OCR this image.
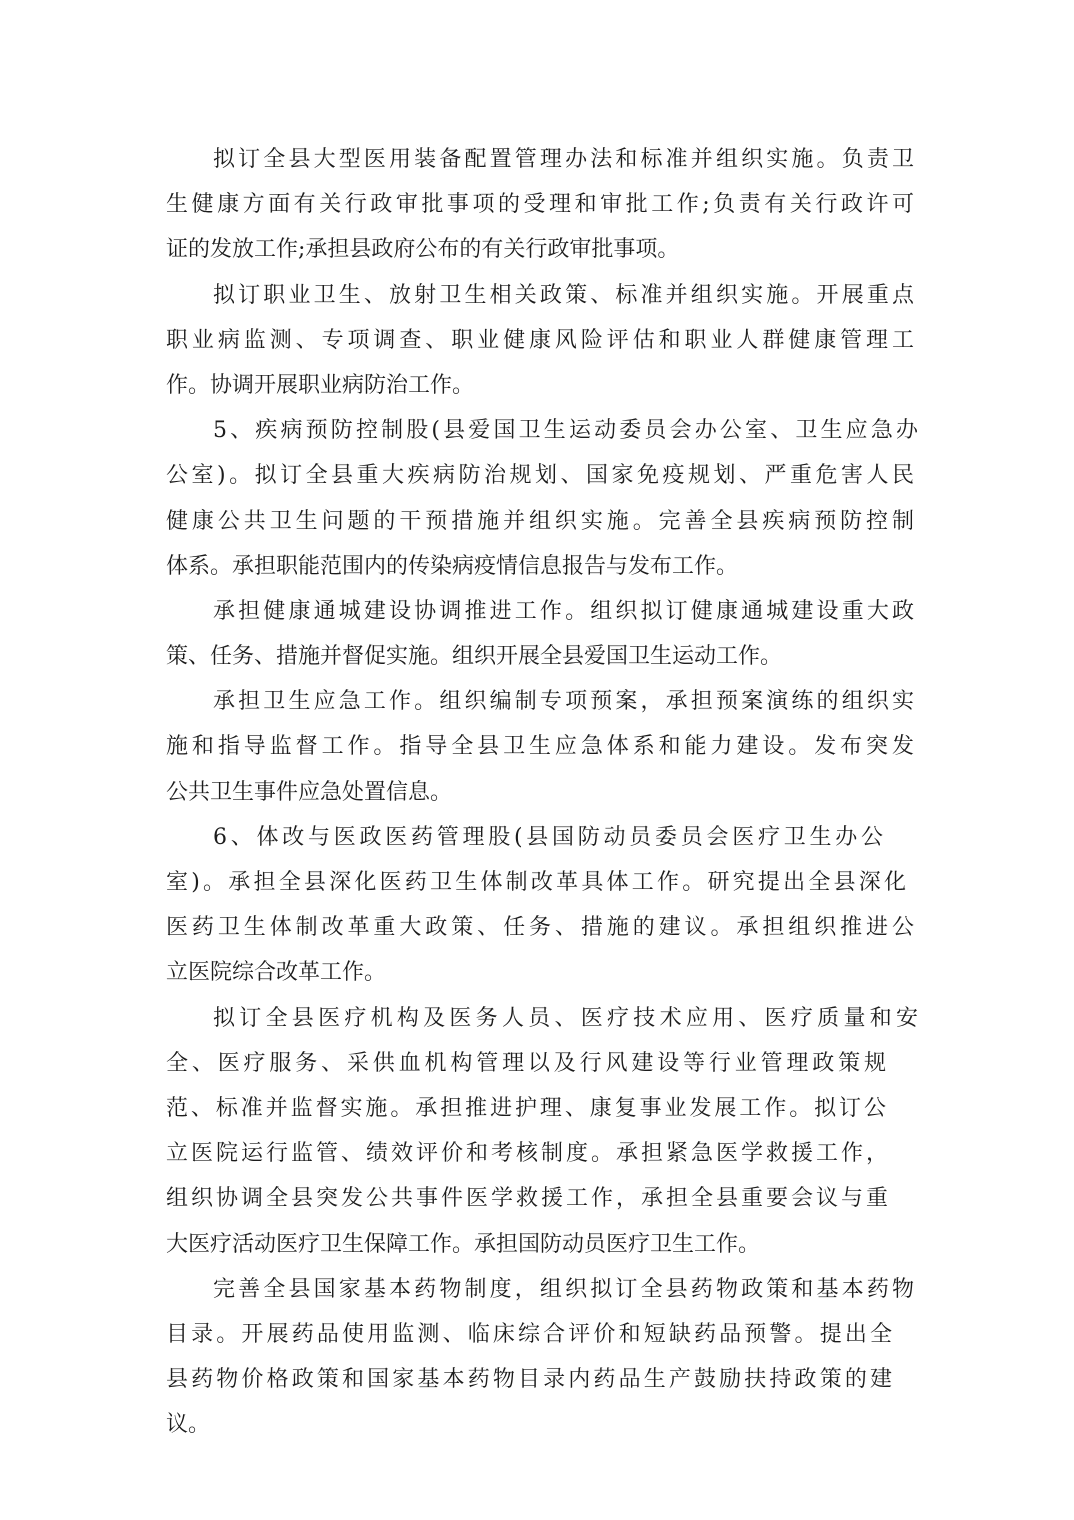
拟订全县大型医用装备配置管理办法和标准并组织实施。负责卫
生健康方面有关行政审批事项的受理和审批工作;负责有关行政许可
证的发放工作;承担县政府公布的有关行政审批事项。
拟订职业卫生、放射卫生相关政策、标准并组织实施。开展重点
职业病监测、专项调查、职业健康风险评估和职业人群健康管理工
作。协调开展职业病防治工作。
5、疾病预防控制股(县爱国卫生运动委员会办公室、卫生应急办
公室)。拟订全县重大疾病防治规划、国家免疫规划、严重危害人民
健康公共卫生问题的干预措施并组织实施。完善全县疾病预防控制
体系。承担职能范围内的传染病疫情信息报告与发布工作。
承担健康通城建设协调推进工作。组织拟订健康通城建设重大政
策、任务、措施并督促实施。组织开展全县爱国卫生运动工作。
承担卫生应急工作。组织编制专项预案，承担预案演练的组织实
施和指导监督工作。指导全县卫生应急体系和能力建设。发布突发
公共卫生事件应急处置信息。
6、体改与医政医药管理股(县国防动员委员会医疗卫生办公
室)。承担全县深化医药卫生体制改革具体工作。研究提出全县深化
医药卫生体制改革重大政策、任务、措施的建议。承担组织推进公
立医院综合改革工作。
拟订全县医疗机构及医务人员、医疗技术应用、医疗质量和安
全、医疗服务、采供血机构管理以及行风建设等行业管理政策规
范、标准并监督实施。承担推进护理、康复事业发展工作。拟订公
立医院运行监管、绩效评价和考核制度。承担紧急医学救援工作，
组织协调全县突发公共事件医学救援工作，承担全县重要会议与重
大医疗活动医疗卫生保障工作。承担国防动员医疗卫生工作。
完善全县国家基本药物制度，组织拟订全县药物政策和基本药物
目录。开展药品使用监测、临床综合评价和短缺药品预警。提出全
县药物价格政策和国家基本药物目录内药品生产鼓励扶持政策的建
议。
